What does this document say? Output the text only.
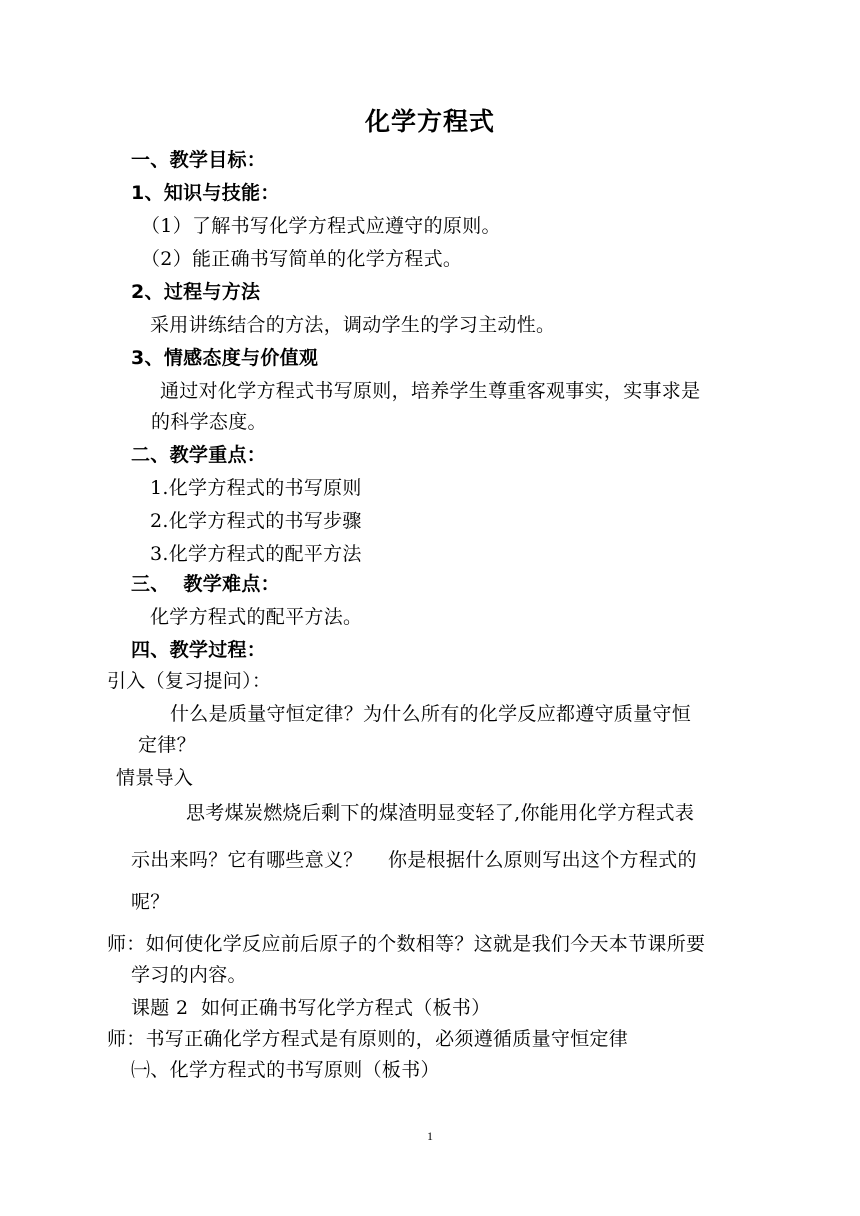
化学方程式
一、教学目标：
1、知识与技能：
（1）了解书写化学方程式应遵守的原则。
（2）能正确书写简单的化学方程式。
2、过程与方法
采用讲练结合的方法，调动学生的学习主动性。
3、情感态度与价值观
通过对化学方程式书写原则，培养学生尊重客观事实，实事求是
的科学态度。
二、教学重点：
1.化学方程式的书写原则
2.化学方程式的书写步骤
3.化学方程式的配平方法
三、  教学难点：
化学方程式的配平方法。
四、教学过程：
引入（复习提问）：
什么是质量守恒定律？为什么所有的化学反应都遵守质量守恒
定律？
情景导入
思考煤炭燃烧后剩下的煤渣明显变轻了,你能用化学方程式表
示出来吗？它有哪些意义？    你是根据什么原则写出这个方程式的
呢？
师：如何使化学反应前后原子的个数相等？这就是我们今天本节课所要
学习的内容。
课题 2  如何正确书写化学方程式（板书）
师：书写正确化学方程式是有原则的，必须遵循质量守恒定律
㈠、化学方程式的书写原则（板书）
1
